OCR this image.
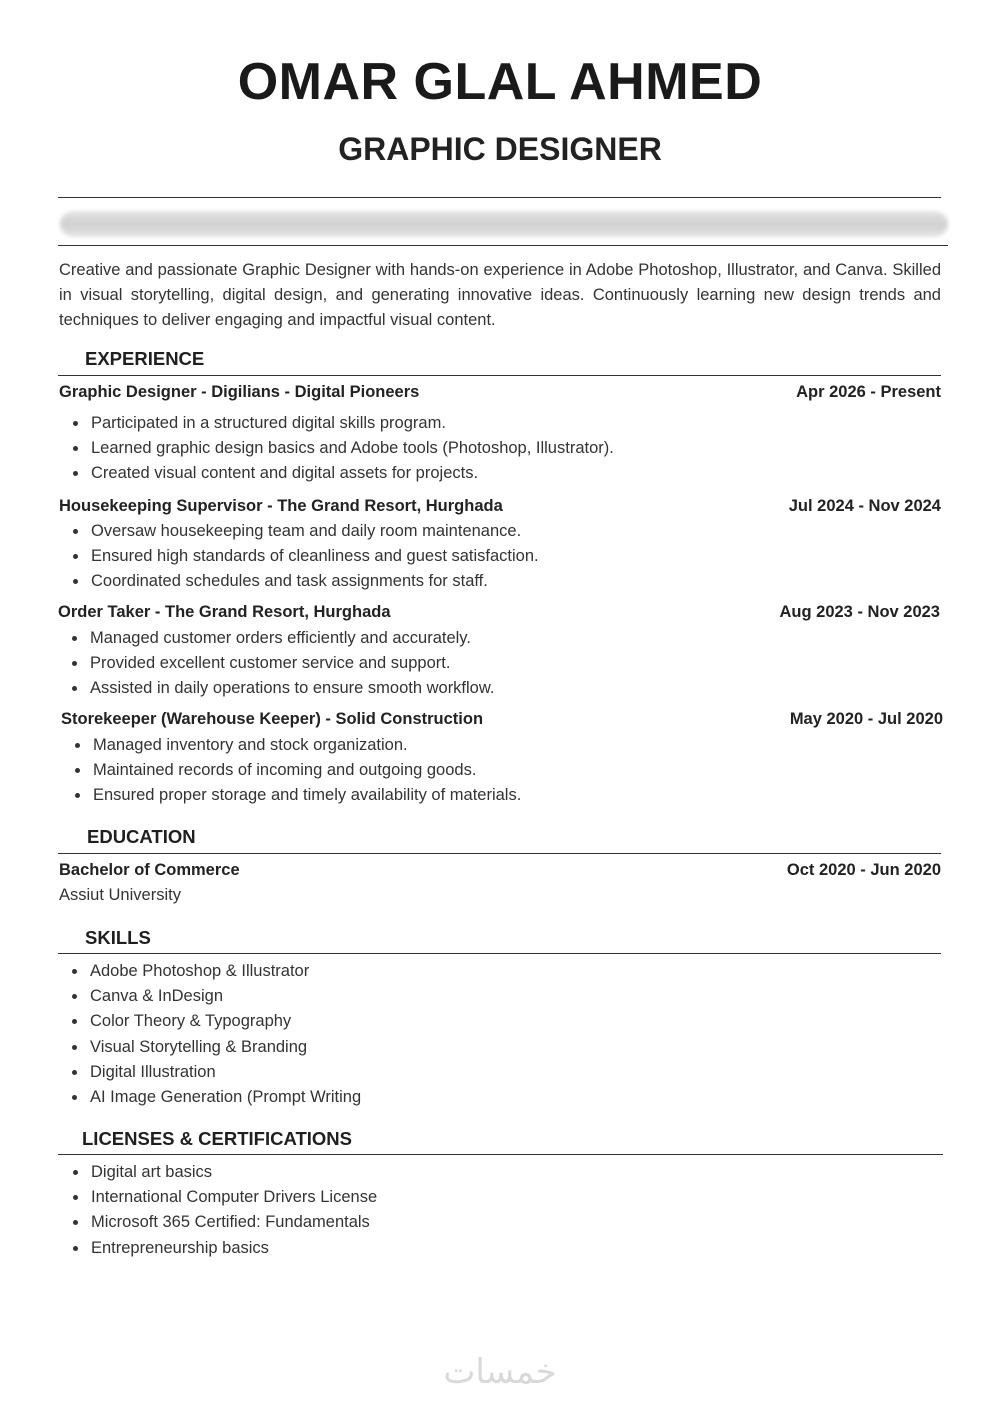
OMAR GLAL AHMED
GRAPHIC DESIGNER
Creative and passionate Graphic Designer with hands-on experience in Adobe Photoshop, Illustrator, and Canva. Skilled in visual storytelling, digital design, and generating innovative ideas. Continuously learning new design trends and techniques to deliver engaging and impactful visual content.
EXPERIENCE
Graphic Designer - Digilians - Digital Pioneers	Apr 2026 - Present
Participated in a structured digital skills program.
Learned graphic design basics and Adobe tools (Photoshop, Illustrator).
Created visual content and digital assets for projects.
Housekeeping Supervisor - The Grand Resort, Hurghada	Jul 2024 - Nov 2024
Oversaw housekeeping team and daily room maintenance.
Ensured high standards of cleanliness and guest satisfaction.
Coordinated schedules and task assignments for staff.
Order Taker - The Grand Resort, Hurghada	Aug 2023 - Nov 2023
Managed customer orders efficiently and accurately.
Provided excellent customer service and support.
Assisted in daily operations to ensure smooth workflow.
Storekeeper (Warehouse Keeper) - Solid Construction	May 2020 - Jul 2020
Managed inventory and stock organization.
Maintained records of incoming and outgoing goods.
Ensured proper storage and timely availability of materials.
EDUCATION
Bachelor of Commerce	Oct 2020 - Jun 2020
Assiut University
SKILLS
Adobe Photoshop & Illustrator
Canva & InDesign
Color Theory & Typography
Visual Storytelling & Branding
Digital Illustration
AI Image Generation (Prompt Writing
LICENSES & CERTIFICATIONS
Digital art basics
International Computer Drivers License
Microsoft 365 Certified: Fundamentals
Entrepreneurship basics
خمسات
